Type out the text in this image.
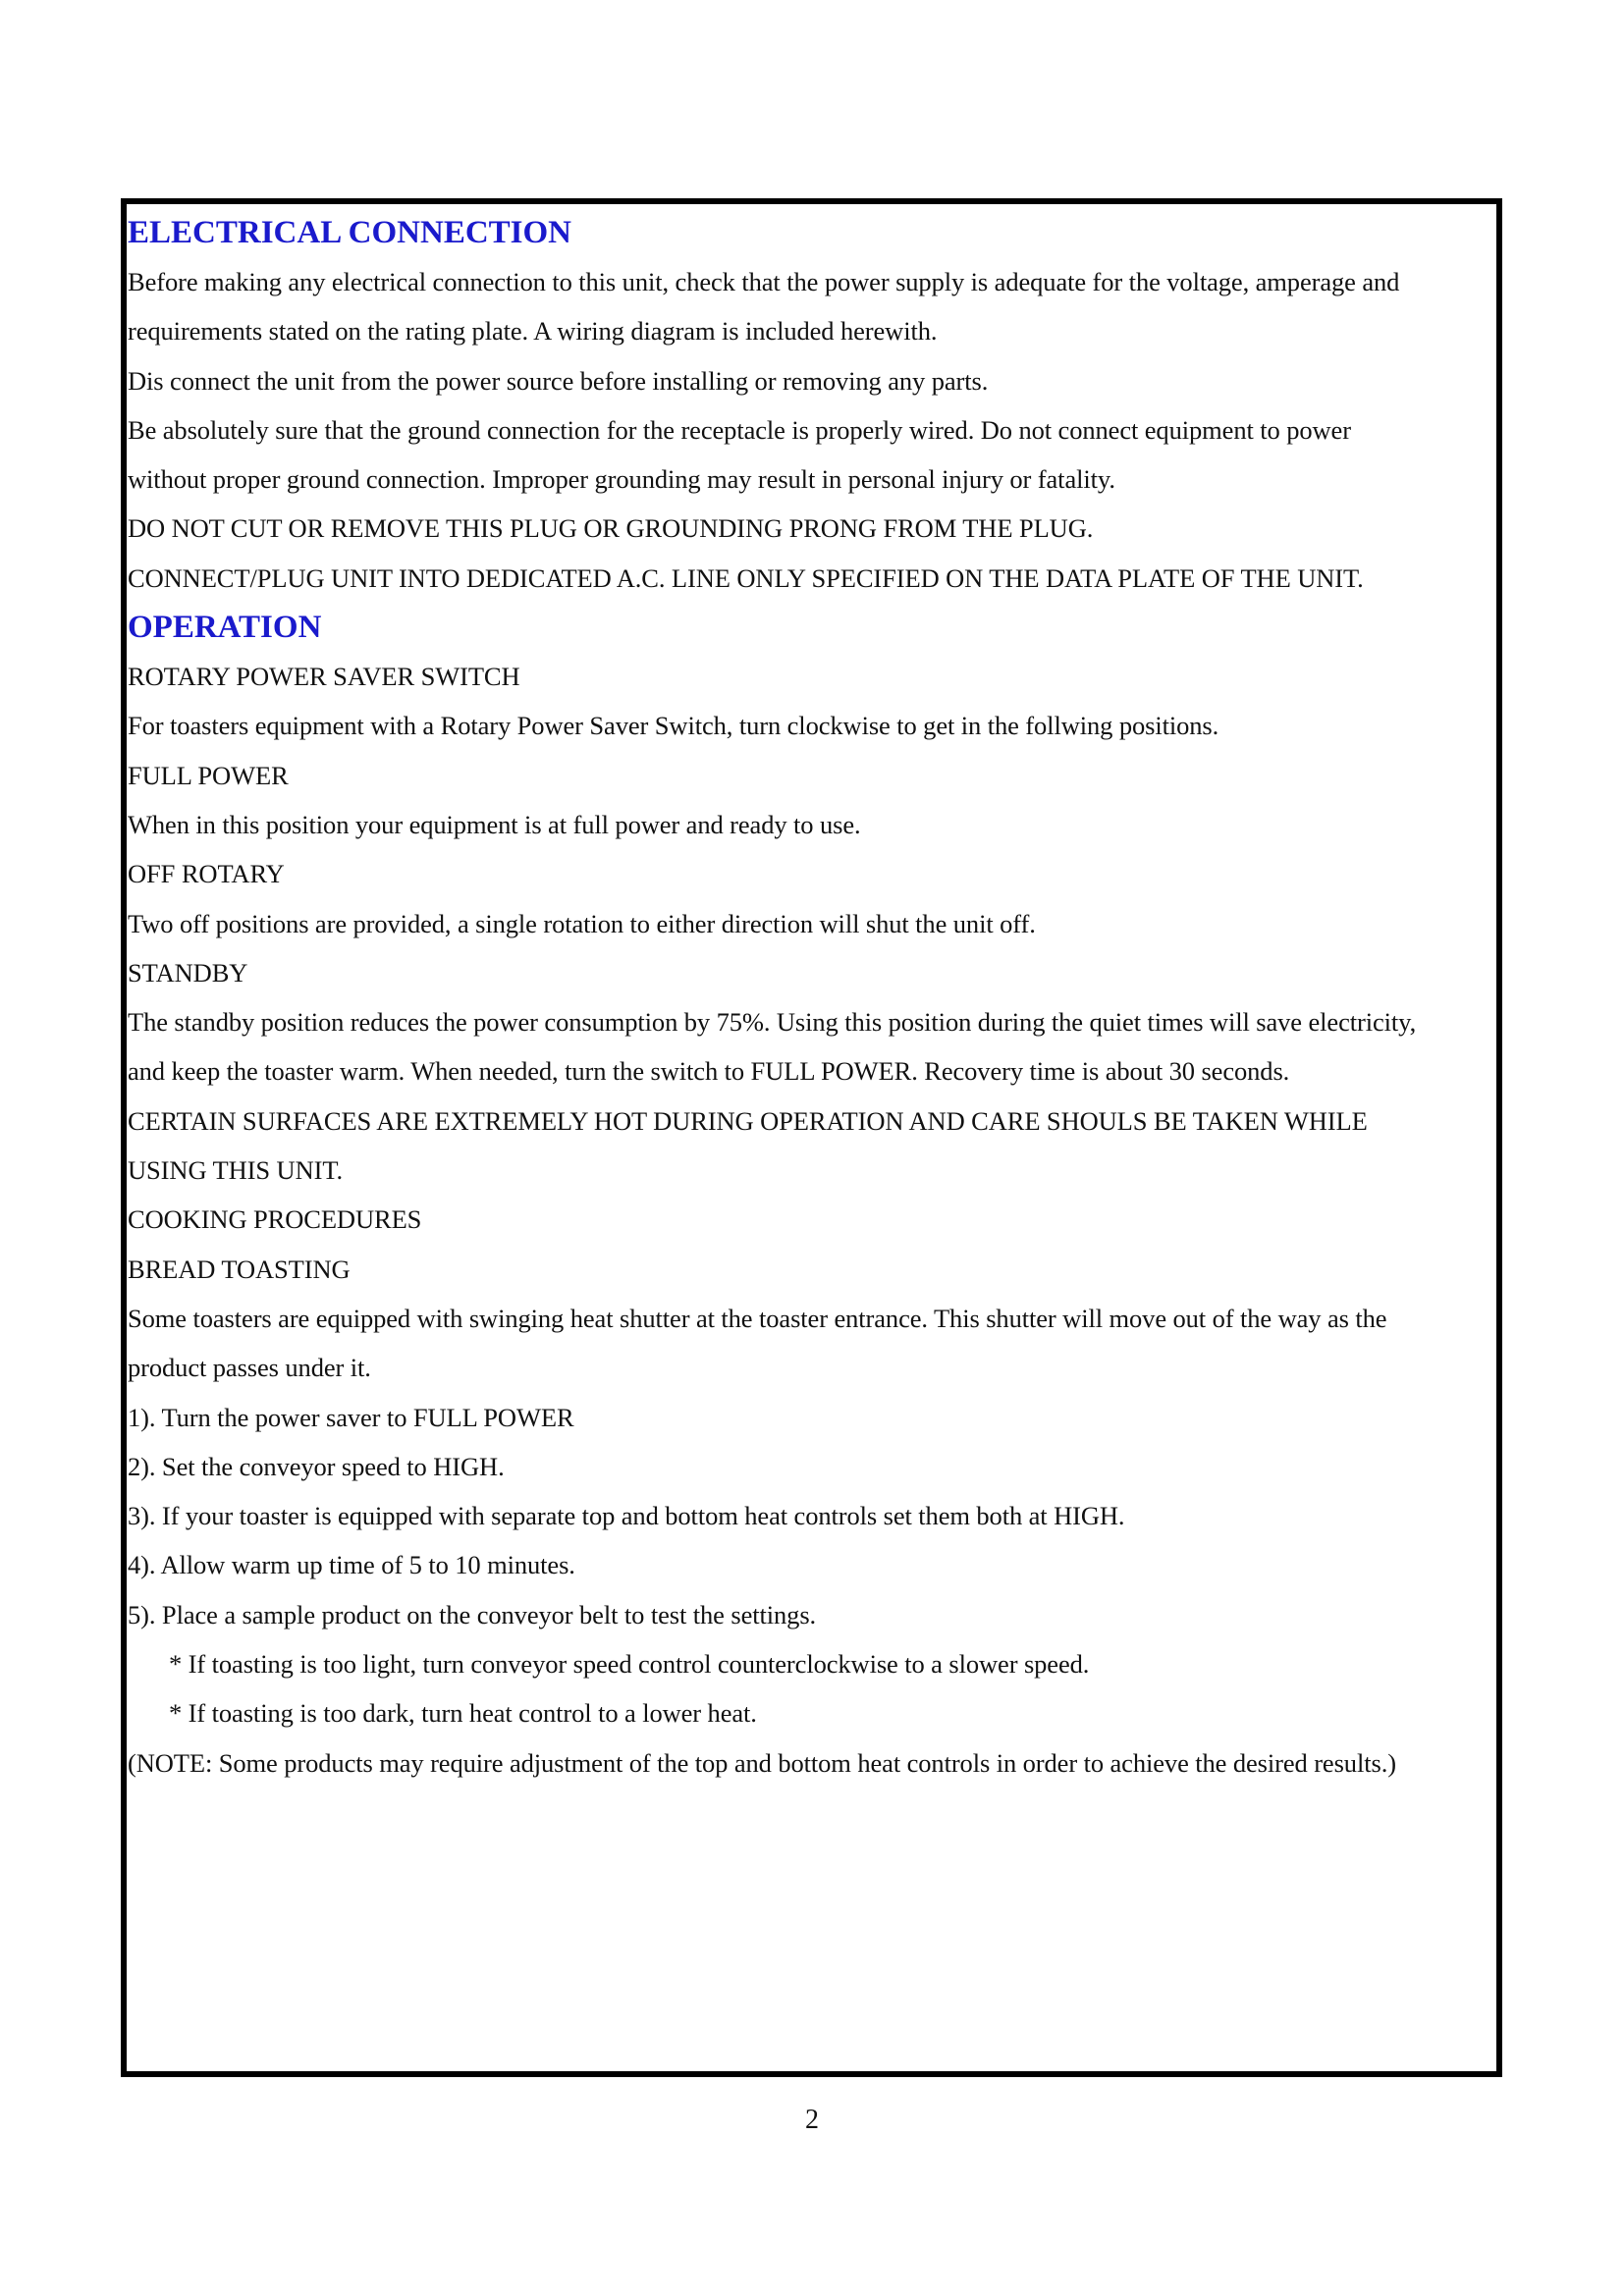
ELECTRICAL CONNECTION
Before making any electrical connection to this unit, check that the power supply is adequate for the voltage, amperage and
requirements stated on the rating plate. A wiring diagram is included herewith.
Dis connect the unit from the power source before installing or removing any parts.
Be absolutely sure that the ground connection for the receptacle is properly wired. Do not connect equipment to power
without proper ground connection. Improper grounding may result in personal injury or fatality.
DO NOT CUT OR REMOVE THIS PLUG OR GROUNDING PRONG FROM THE PLUG.
CONNECT/PLUG UNIT INTO DEDICATED A.C. LINE ONLY SPECIFIED ON THE DATA PLATE OF THE UNIT.
OPERATION
ROTARY POWER SAVER SWITCH
For toasters equipment with a Rotary Power Saver Switch, turn clockwise to get in the follwing positions.
FULL POWER
When in this position your equipment is at full power and ready to use.
OFF ROTARY
Two off positions are provided, a single rotation to either direction will shut the unit off.
STANDBY
The standby position reduces the power consumption by 75%. Using this position during the quiet times will save electricity,
and keep the toaster warm. When needed, turn the switch to FULL POWER. Recovery time is about 30 seconds.
CERTAIN SURFACES ARE EXTREMELY HOT DURING OPERATION AND CARE SHOULS BE TAKEN WHILE
USING THIS UNIT.
COOKING PROCEDURES
BREAD TOASTING
Some toasters are equipped with swinging heat shutter at the toaster entrance. This shutter will move out of the way as the
product passes under it.
1). Turn the power saver to FULL POWER
2). Set the conveyor speed to HIGH.
3). If your toaster is equipped with separate top and bottom heat controls set them both at HIGH.
4). Allow warm up time of 5 to 10 minutes.
5). Place a sample product on the conveyor belt to test the settings.
* If toasting is too light, turn conveyor speed control counterclockwise to a slower speed.
* If toasting is too dark, turn heat control to a lower heat.
(NOTE: Some products may require adjustment of the top and bottom heat controls in order to achieve the desired results.)
2
